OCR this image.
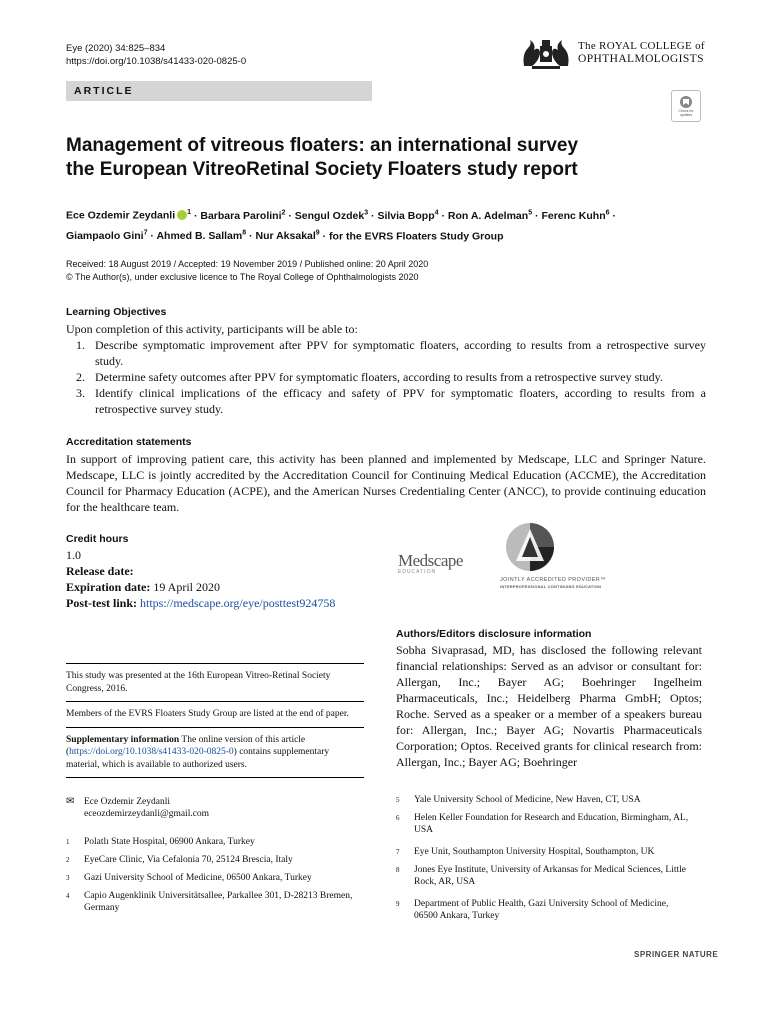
Eye (2020) 34:825–834
https://doi.org/10.1038/s41433-020-0825-0
The ROYAL COLLEGE of
OPHTHALMOLOGISTS
ARTICLE
Check for updates
Management of vitreous floaters: an international survey
the European VitreoRetinal Society Floaters study report
Ece Ozdemir Zeydanli $^1$ · Barbara Parolini$^2$ · Sengul Ozdek$^3$ · Silvia Bopp$^4$ · Ron A. Adelman$^5$ · Ferenc Kuhn$^6$ ·
Giampaolo Gini$^7$ · Ahmed B. Sallam$^8$ · Nur Aksakal$^9$ · for the EVRS Floaters Study Group
Received: 18 August 2019 / Accepted: 19 November 2019 / Published online: 20 April 2020
© The Author(s), under exclusive licence to The Royal College of Ophthalmologists 2020
Learning Objectives
Upon completion of this activity, participants will be able to:
1. Describe symptomatic improvement after PPV for symptomatic floaters, according to results from a retrospective survey study.
2. Determine safety outcomes after PPV for symptomatic floaters, according to results from a retrospective survey study.
3. Identify clinical implications of the efficacy and safety of PPV for symptomatic floaters, according to results from a retrospective survey study.
Accreditation statements
In support of improving patient care, this activity has been planned and implemented by Medscape, LLC and Springer Nature. Medscape, LLC is jointly accredited by the Accreditation Council for Continuing Medical Education (ACCME), the Accreditation Council for Pharmacy Education (ACPE), and the American Nurses Credentialing Center (ANCC), to provide continuing education for the healthcare team.
Credit hours
1.0
Release date:
Expiration date: 19 April 2020
Post-test link: https://medscape.org/eye/posttest924758
Medscape
EDUCATION
JOINTLY ACCREDITED PROVIDER™
INTERPROFESSIONAL CONTINUING EDUCATION
Authors/Editors disclosure information
Sobha Sivaprasad, MD, has disclosed the following relevant financial relationships: Served as an advisor or consultant for: Allergan, Inc.; Bayer AG; Boehringer Ingelheim Pharmaceuticals, Inc.; Heidelberg Pharma GmbH; Optos; Roche. Served as a speaker or a member of a speakers bureau for: Allergan, Inc.; Bayer AG; Novartis Pharmaceuticals Corporation; Optos. Received grants for clinical research from: Allergan, Inc.; Bayer AG; Boehringer
This study was presented at the 16th European Vitreo-Retinal Society Congress, 2016.
Members of the EVRS Floaters Study Group are listed at the end of paper.
Supplementary information The online version of this article (https://doi.org/10.1038/s41433-020-0825-0) contains supplementary material, which is available to authorized users.
✉	Ece Ozdemir Zeydanli
eceozdemirzeydanli@gmail.com
1 Polatlı State Hospital, 06900 Ankara, Turkey
2 EyeCare Clinic, Via Cefalonia 70, 25124 Brescia, Italy
3 Gazi University School of Medicine, 06500 Ankara, Turkey
4 Capio Augenklinik Universitätsallee, Parkallee 301, D-28213 Bremen, Germany
5 Yale University School of Medicine, New Haven, CT, USA
6 Helen Keller Foundation for Research and Education, Birmingham, AL, USA
7 Eye Unit, Southampton University Hospital, Southampton, UK
8 Jones Eye Institute, University of Arkansas for Medical Sciences, Little Rock, AR, USA
9 Department of Public Health, Gazi University School of Medicine, 06500 Ankara, Turkey
SPRINGER NATURE
